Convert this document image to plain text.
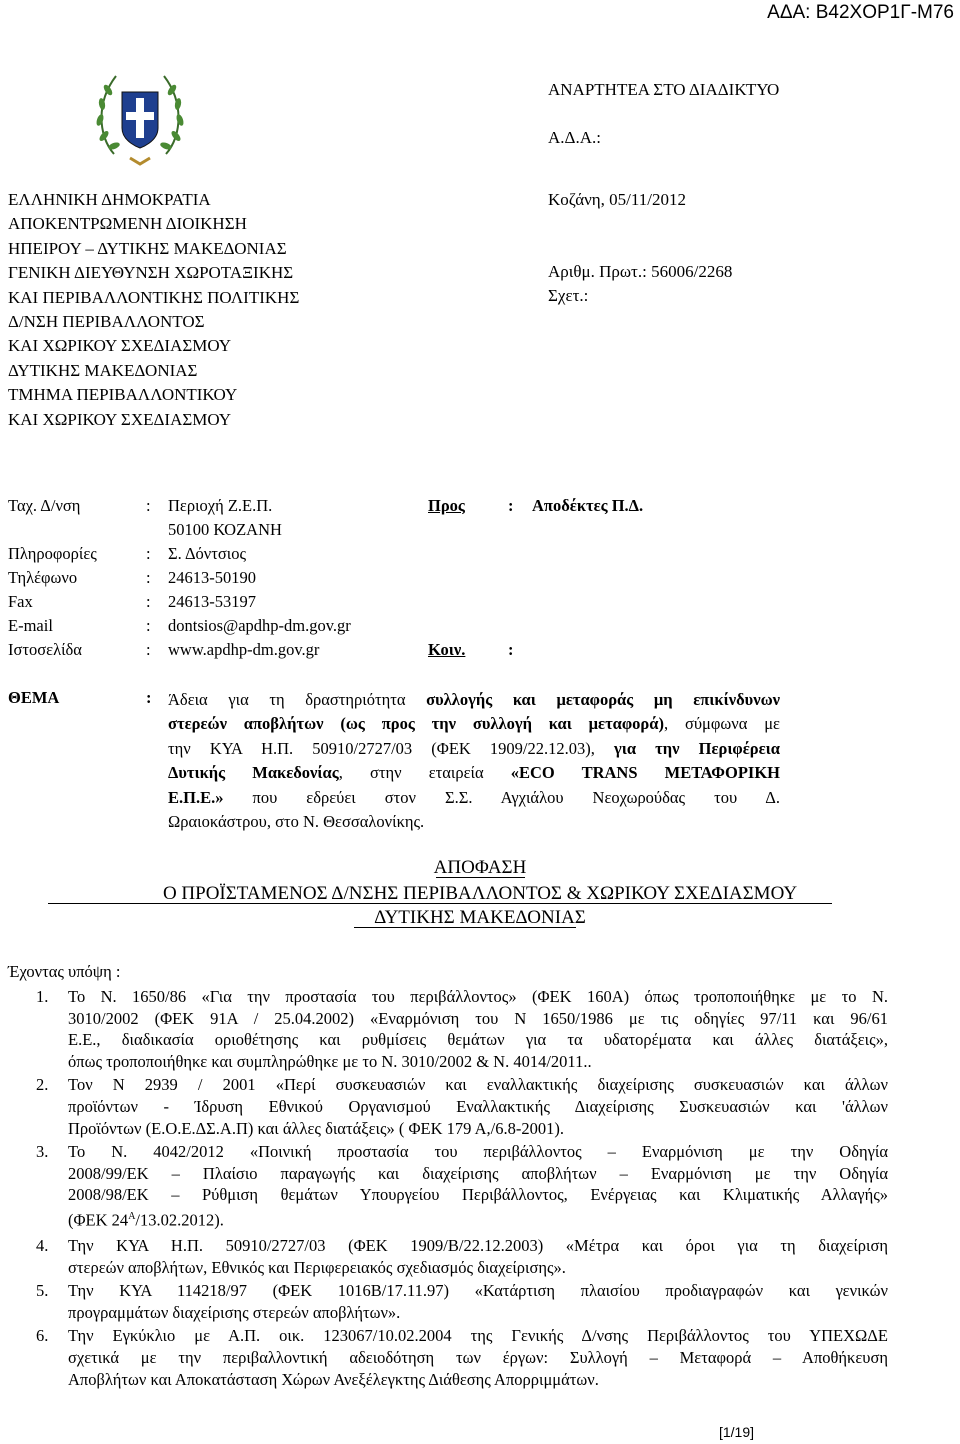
ΑΔΑ: Β42ΧΟΡ1Γ-Μ76
ΑΝΑΡΤΗΤΕΑ ΣΤΟ ΔΙΑΔΙΚΤΥΟ
Α.Δ.Α.:
ΕΛΛΗΝΙΚΗ ΔΗΜΟΚΡΑΤΙΑ
ΑΠΟΚΕΝΤΡΩΜΕΝΗ ΔΙΟΙΚΗΣΗ
ΗΠΕΙΡΟΥ – ΔΥΤΙΚΗΣ ΜΑΚΕΔΟΝΙΑΣ
ΓΕΝΙΚΗ ΔΙΕΥΘΥΝΣΗ ΧΩΡΟΤΑΞΙΚΗΣ
ΚΑΙ ΠΕΡΙΒΑΛΛΟΝΤΙΚΗΣ ΠΟΛΙΤΙΚΗΣ
Δ/ΝΣΗ ΠΕΡΙΒΑΛΛΟΝΤΟΣ
ΚΑΙ ΧΩΡΙΚΟΥ ΣΧΕΔΙΑΣΜΟΥ
ΔΥΤΙΚΗΣ ΜΑΚΕΔΟΝΙΑΣ
ΤΜΗΜΑ ΠΕΡΙΒΑΛΛΟΝΤΙΚΟΥ
ΚΑΙ ΧΩΡΙΚΟΥ ΣΧΕΔΙΑΣΜΟΥ
Κοζάνη, 05/11/2012
Αριθμ. Πρωτ.: 56006/2268
Σχετ.:
Ταχ. Δ/νση	: Περιοχή Ζ.Ε.Π.
50100 ΚΟΖΑΝΗ
Πληροφορίες	: Σ. Δόντσιος
Τηλέφωνο	: 24613-50190
Fax	: 24613-53197
E-mail	: dontsios@apdhp-dm.gov.gr
Ιστοσελίδα	: www.apdhp-dm.gov.gr
Προς	: Αποδέκτες Π.Δ.
Κοιν.	:
ΘΕΜΑ	: Άδεια για τη δραστηριότητα συλλογής και μεταφοράς μη επικίνδυνων
στερεών αποβλήτων (ως προς την συλλογή και μεταφορά), σύμφωνα με
την ΚΥΑ Η.Π. 50910/2727/03 (ΦΕΚ 1909/22.12.03), για την Περιφέρεια
Δυτικής Μακεδονίας, στην εταιρεία «ECO TRANS ΜΕΤΑΦΟΡΙΚΗ
Ε.Π.Ε.» που εδρεύει στον Σ.Σ. Αγχιάλου Νεοχωρούδας του Δ.
Ωραιοκάστρου, στο Ν. Θεσσαλονίκης.
ΑΠΟΦΑΣΗ
Ο ΠΡΟΪΣΤΑΜΕΝΟΣ Δ/ΝΣΗΣ ΠΕΡΙΒΑΛΛΟΝΤΟΣ & ΧΩΡΙΚΟΥ ΣΧΕΔΙΑΣΜΟΥ
ΔΥΤΙΚΗΣ ΜΑΚΕΔΟΝΙΑΣ
Έχοντας υπόψη :
1. Το Ν. 1650/86 «Για την προστασία του περιβάλλοντος» (ΦΕΚ 160Α) όπως τροποποιήθηκε με το Ν.
3010/2002 (ΦΕΚ 91Α / 25.04.2002) «Εναρμόνιση του Ν 1650/1986 με τις οδηγίες 97/11 και 96/61
Ε.Ε., διαδικασία οριοθέτησης και ρυθμίσεις θεμάτων για τα υδατορέματα και άλλες διατάξεις»,
όπως τροποποιήθηκε και συμπληρώθηκε με το Ν. 3010/2002 & Ν. 4014/2011..
2. Τον Ν 2939 / 2001 «Περί συσκευασιών και εναλλακτικής διαχείρισης συσκευασιών και άλλων
προϊόντων - Ίδρυση Εθνικού Οργανισμού Εναλλακτικής Διαχείρισης Συσκευασιών και 'άλλων
Προϊόντων (Ε.Ο.Ε.ΔΣ.Α.Π) και άλλες διατάξεις» ( ΦΕΚ 179 Α,/6.8-2001).
3. Το Ν. 4042/2012 «Ποινική προστασία του περιβάλλοντος – Εναρμόνιση με την Οδηγία
2008/99/ΕΚ – Πλαίσιο παραγωγής και διαχείρισης αποβλήτων – Εναρμόνιση με την Οδηγία
2008/98/ΕΚ – Ρύθμιση θεμάτων Υπουργείου Περιβάλλοντος, Ενέργειας και Κλιματικής Αλλαγής»
(ΦΕΚ $24^A/13.02.2012$).
4. Την ΚΥΑ Η.Π. 50910/2727/03 (ΦΕΚ 1909/Β/22.12.2003) «Μέτρα και όροι για τη διαχείριση
στερεών αποβλήτων, Εθνικός και Περιφερειακός σχεδιασμός διαχείρισης».
5. Την ΚΥΑ 114218/97 (ΦΕΚ 1016Β/17.11.97) «Κατάρτιση πλαισίου προδιαγραφών και γενικών
προγραμμάτων διαχείρισης στερεών αποβλήτων».
6. Την Εγκύκλιο με Α.Π. οικ. 123067/10.02.2004 της Γενικής Δ/νσης Περιβάλλοντος του ΥΠΕΧΩΔΕ
σχετικά με την περιβαλλοντική αδειοδότηση των έργων: Συλλογή – Μεταφορά – Αποθήκευση
Αποβλήτων και Αποκατάσταση Χώρων Ανεξέλεγκτης Διάθεσης Απορριμμάτων.
[1/19]
